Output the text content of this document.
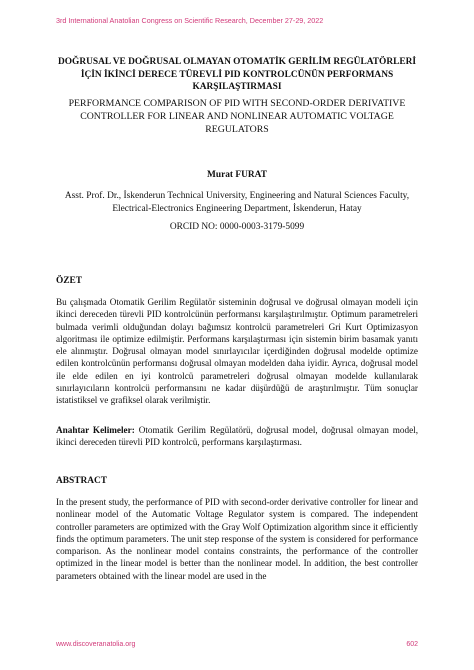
3rd International Anatolian Congress on Scientific Research, December 27-29, 2022
DOĞRUSAL VE DOĞRUSAL OLMAYAN OTOMATİK GERİLİM REGÜLATÖRLERİ İÇİN İKİNCİ DERECE TÜREVLİ PID KONTROLCÜNÜN PERFORMANS KARŞILAŞTIRMASI
PERFORMANCE COMPARISON OF PID WITH SECOND-ORDER DERIVATIVE CONTROLLER FOR LINEAR AND NONLINEAR AUTOMATIC VOLTAGE REGULATORS
Murat FURAT
Asst. Prof. Dr., İskenderun Technical University, Engineering and Natural Sciences Faculty, Electrical-Electronics Engineering Department, İskenderun, Hatay
ORCID NO: 0000-0003-3179-5099
ÖZET
Bu çalışmada Otomatik Gerilim Regülatör sisteminin doğrusal ve doğrusal olmayan modeli için ikinci dereceden türevli PID kontrolcünün performansı karşılaştırılmıştır. Optimum parametreleri bulmada verimli olduğundan dolayı bağımsız kontrolcü parametreleri Gri Kurt Optimizasyon algoritması ile optimize edilmiştir. Performans karşılaştırması için sistemin birim basamak yanıtı ele alınmıştır. Doğrusal olmayan model sınırlayıcılar içerdiğinden doğrusal modelde optimize edilen kontrolcünün performansı doğrusal olmayan modelden daha iyidir. Ayrıca, doğrusal model ile elde edilen en iyi kontrolcü parametreleri doğrusal olmayan modelde kullanılarak sınırlayıcıların kontrolcü performansını ne kadar düşürdüğü de araştırılmıştır. Tüm sonuçlar istatistiksel ve grafiksel olarak verilmiştir.
Anahtar Kelimeler: Otomatik Gerilim Regülatörü, doğrusal model, doğrusal olmayan model, ikinci dereceden türevli PID kontrolcü, performans karşılaştırması.
ABSTRACT
In the present study, the performance of PID with second-order derivative controller for linear and nonlinear model of the Automatic Voltage Regulator system is compared. The independent controller parameters are optimized with the Gray Wolf Optimization algorithm since it efficiently finds the optimum parameters. The unit step response of the system is considered for performance comparison. As the nonlinear model contains constraints, the performance of the controller optimized in the linear model is better than the nonlinear model. In addition, the best controller parameters obtained with the linear model are used in the
www.discoveranatolia.org	602
